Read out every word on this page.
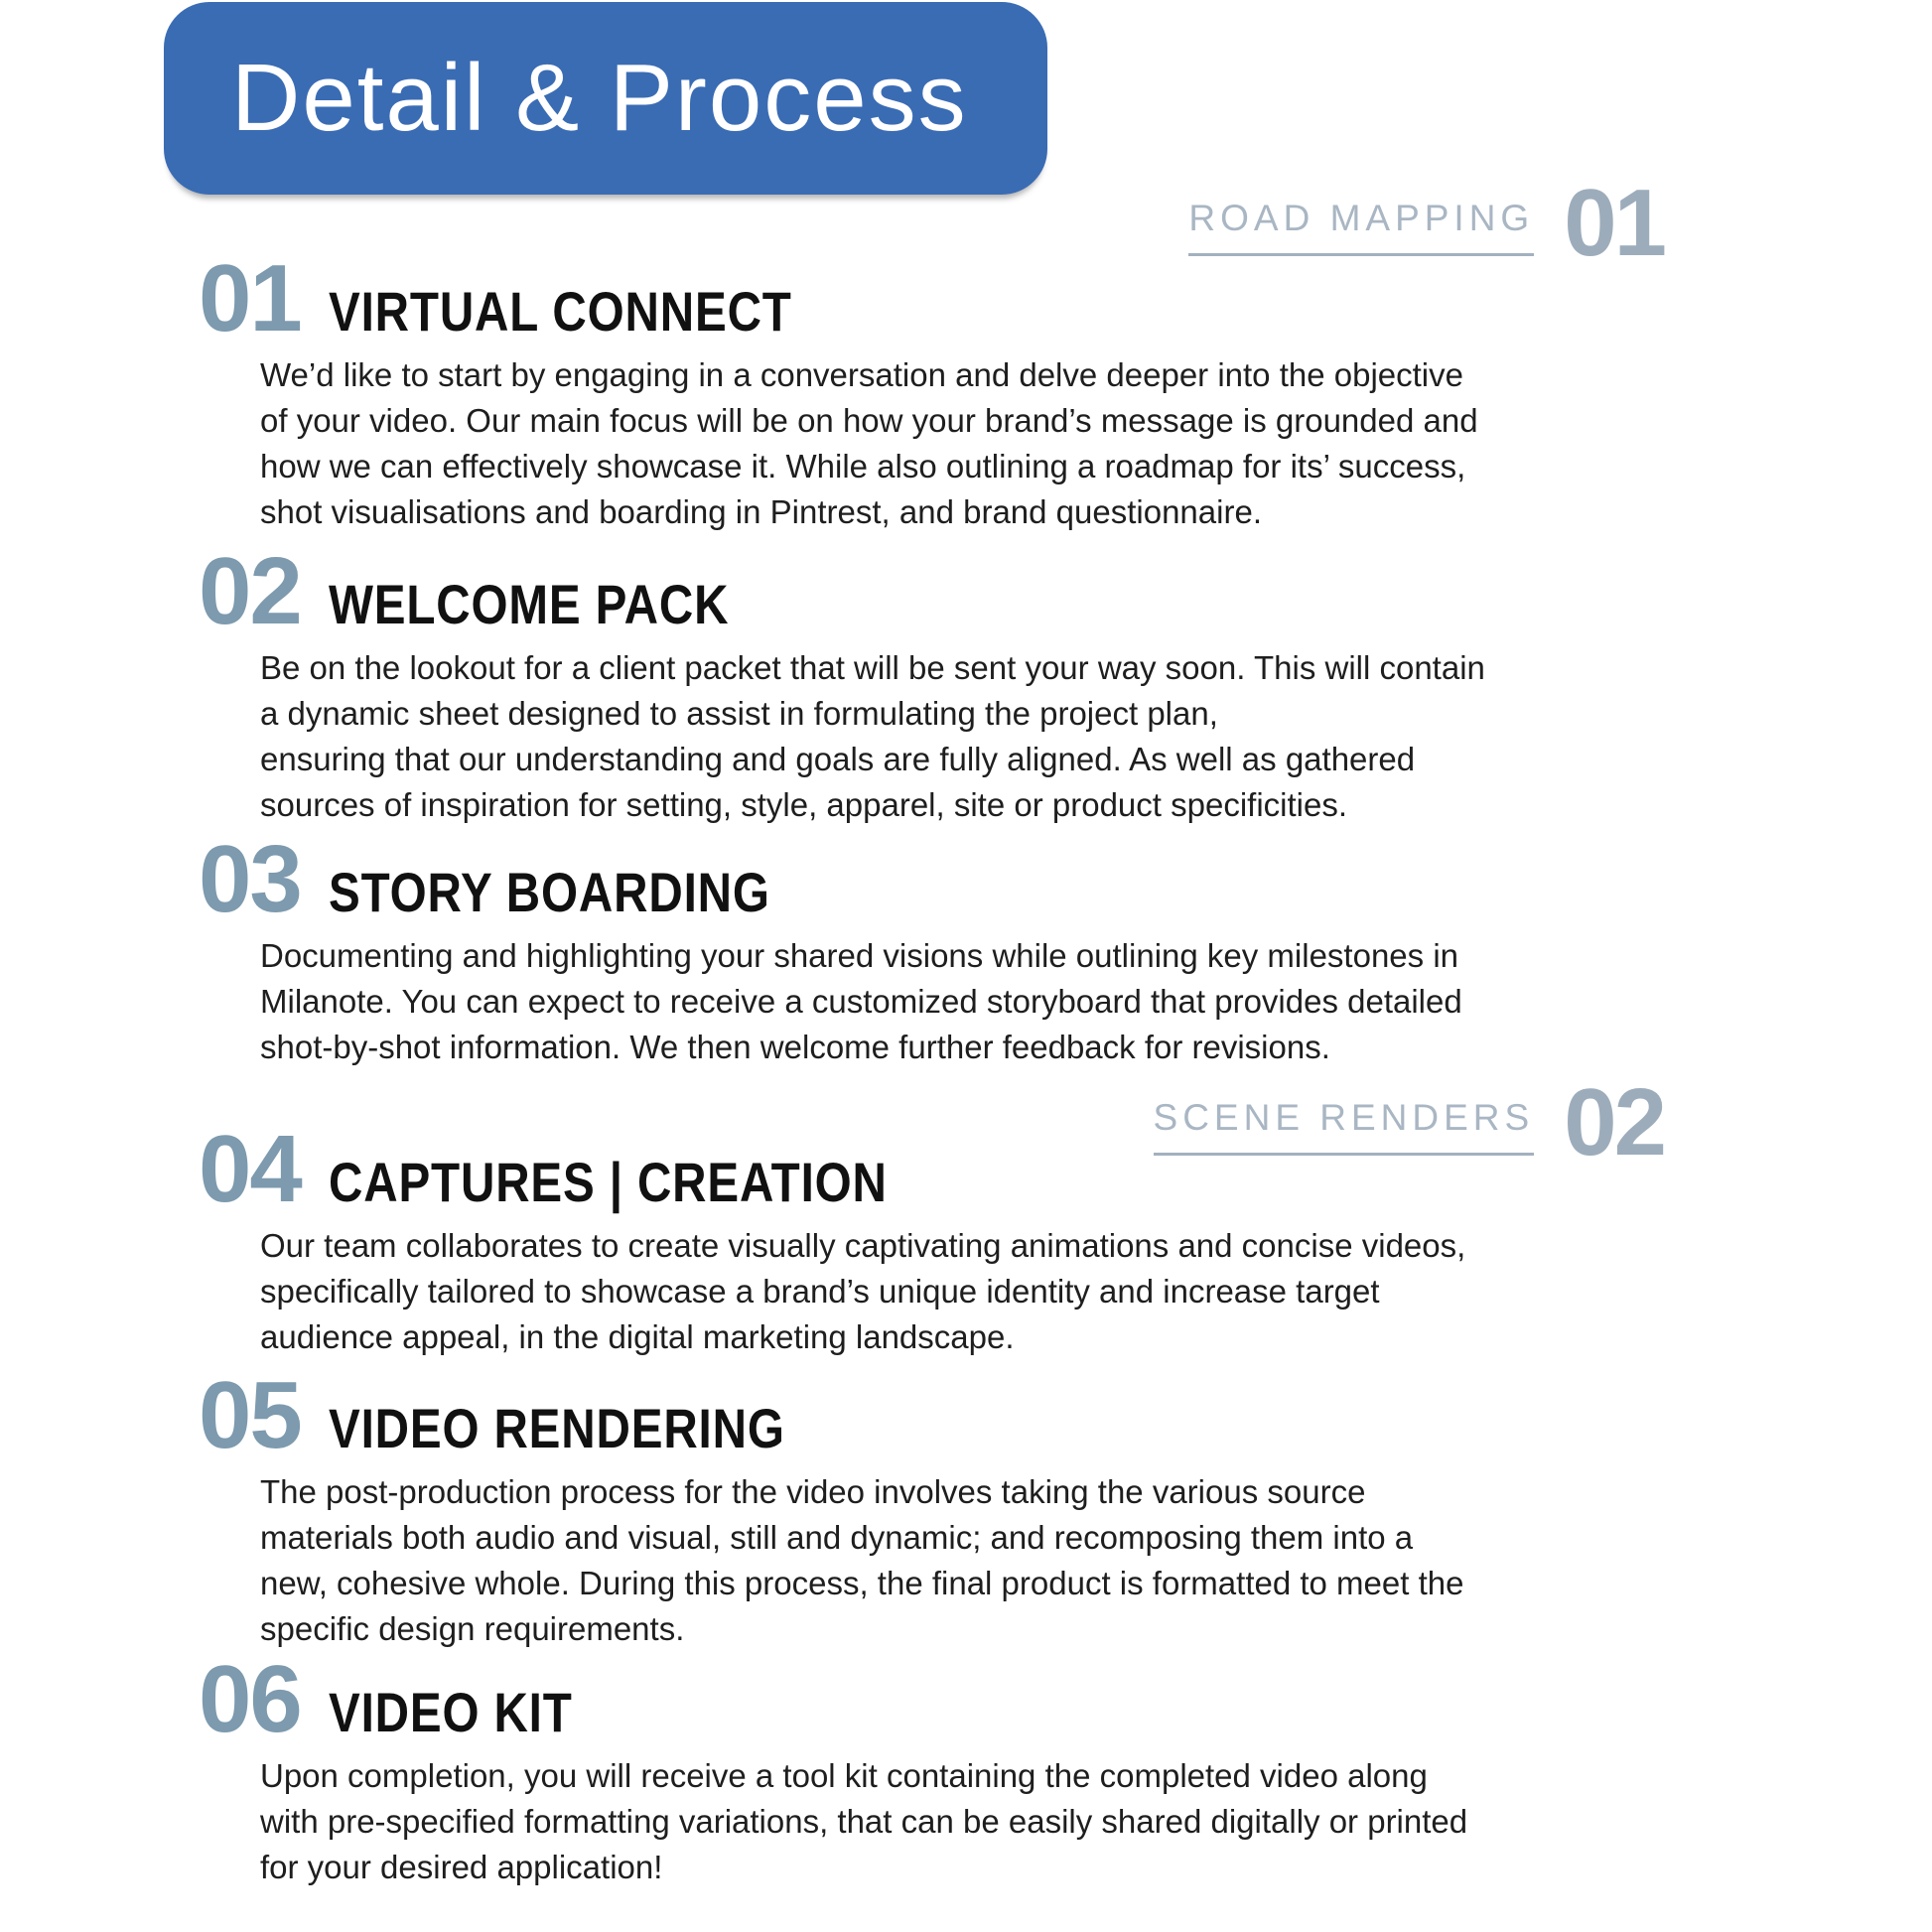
Detail & Process
ROAD MAPPING 01
SCENE RENDERS 02
01 VIRTUAL CONNECT
We’d like to start by engaging in a conversation and delve deeper into the objective
of your video. Our main focus will be on how your brand’s message is grounded and
how we can effectively showcase it. While also outlining a roadmap for its’ success,
shot visualisations and boarding in Pintrest, and brand questionnaire.
02 WELCOME PACK
Be on the lookout for a client packet that will be sent your way soon. This will contain
a dynamic sheet designed to assist in formulating the project plan,
ensuring that our understanding and goals are fully aligned. As well as gathered
sources of inspiration for setting, style, apparel, site or product specificities.
03 STORY BOARDING
Documenting and highlighting your shared visions while outlining key milestones in
Milanote. You can expect to receive a customized storyboard that provides detailed
shot-by-shot information. We then welcome further feedback for revisions.
04 CAPTURES | CREATION
Our team collaborates to create visually captivating animations and concise videos,
specifically tailored to showcase a brand’s unique identity and increase target
audience appeal, in the digital marketing landscape.
05 VIDEO RENDERING
The post-production process for the video involves taking the various source
materials both audio and visual, still and dynamic; and recomposing them into a
new, cohesive whole. During this process, the final product is formatted to meet the
specific design requirements.
06 VIDEO KIT
Upon completion, you will receive a tool kit containing the completed video along
with pre-specified formatting variations, that can be easily shared digitally or printed
for your desired application!
